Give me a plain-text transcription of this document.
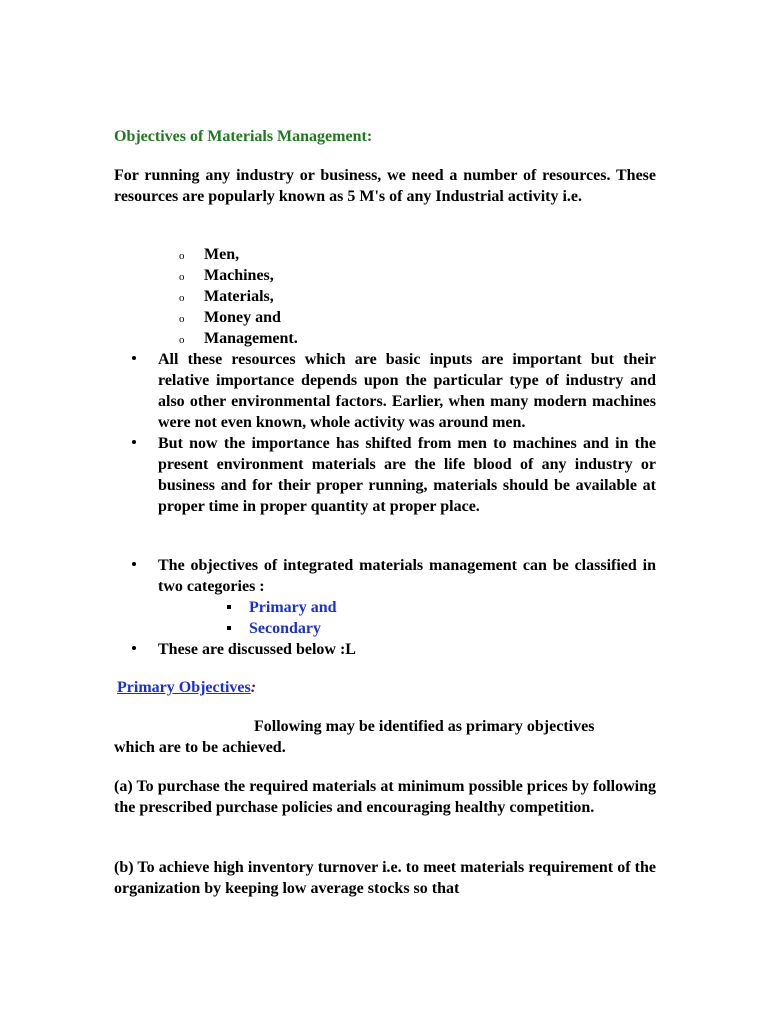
Objectives of Materials Management:

For running any industry or business, we need a number of resources. These resources are popularly known as 5 M's of any Industrial activity i.e.

o Men,
o Machines,
o Materials,
o Money and
o Management.
All these resources which are basic inputs are important but their relative importance depends upon the particular type of industry and also other environmental factors. Earlier, when many modern machines were not even known, whole activity was around men.
But now the importance has shifted from men to machines and in the present environment materials are the life blood of any industry or business and for their proper running, materials should be available at proper time in proper quantity at proper place.
The objectives of integrated materials management can be classified in two categories :
Primary and
Secondary
These are discussed below :L

Primary Objectives:

Following may be identified as primary objectives

which are to be achieved.

(a) To purchase the required materials at minimum possible prices by following the prescribed purchase policies and encouraging healthy competition.

(b) To achieve high inventory turnover i.e. to meet materials requirement of the organization by keeping low average stocks so that
